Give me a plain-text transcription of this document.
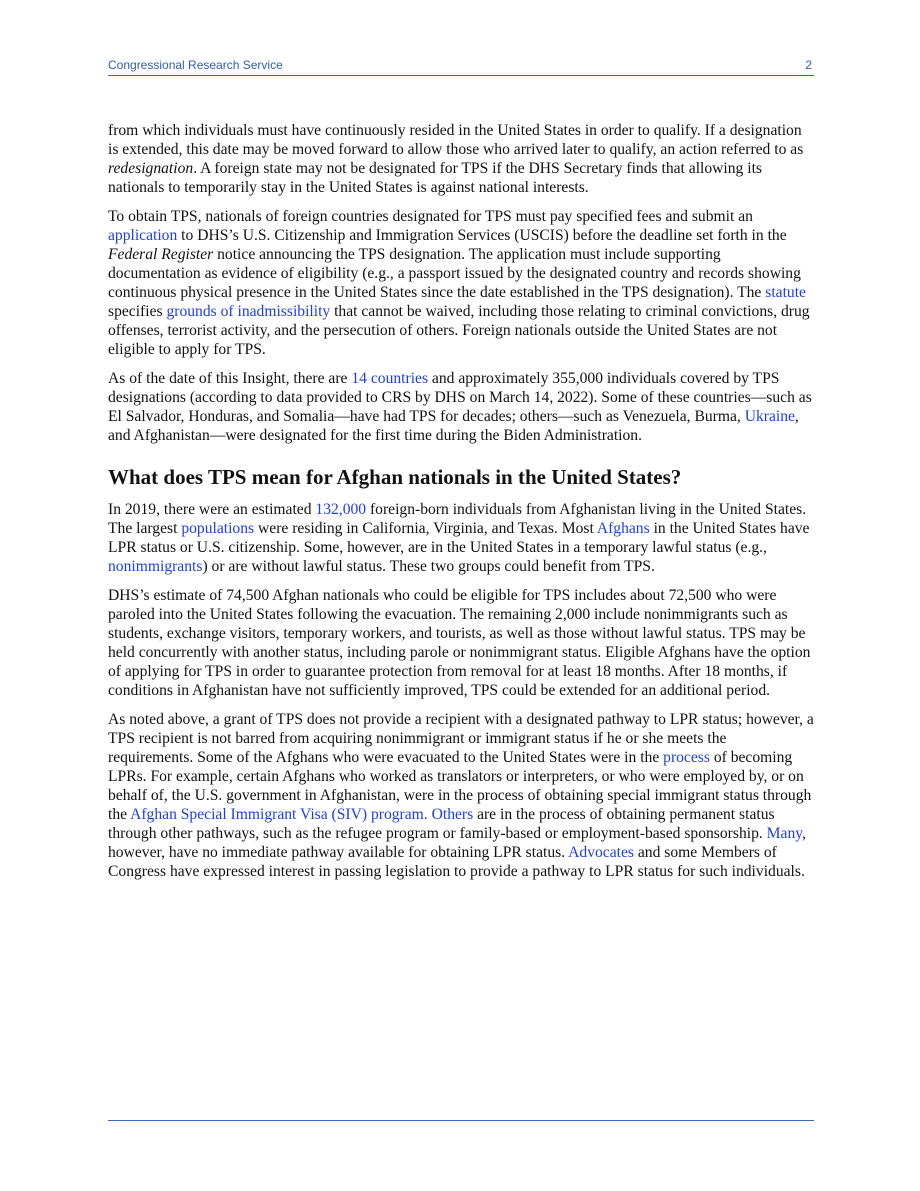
Congressional Research Service	2

from which individuals must have continuously resided in the United States in order to qualify. If a designation is extended, this date may be moved forward to allow those who arrived later to qualify, an action referred to as redesignation. A foreign state may not be designated for TPS if the DHS Secretary finds that allowing its nationals to temporarily stay in the United States is against national interests.

To obtain TPS, nationals of foreign countries designated for TPS must pay specified fees and submit an application to DHS’s U.S. Citizenship and Immigration Services (USCIS) before the deadline set forth in the Federal Register notice announcing the TPS designation. The application must include supporting documentation as evidence of eligibility (e.g., a passport issued by the designated country and records showing continuous physical presence in the United States since the date established in the TPS designation). The statute specifies grounds of inadmissibility that cannot be waived, including those relating to criminal convictions, drug offenses, terrorist activity, and the persecution of others. Foreign nationals outside the United States are not eligible to apply for TPS.

As of the date of this Insight, there are 14 countries and approximately 355,000 individuals covered by TPS designations (according to data provided to CRS by DHS on March 14, 2022). Some of these countries—such as El Salvador, Honduras, and Somalia—have had TPS for decades; others—such as Venezuela, Burma, Ukraine, and Afghanistan—were designated for the first time during the Biden Administration.

What does TPS mean for Afghan nationals in the United States?

In 2019, there were an estimated 132,000 foreign-born individuals from Afghanistan living in the United States. The largest populations were residing in California, Virginia, and Texas. Most Afghans in the United States have LPR status or U.S. citizenship. Some, however, are in the United States in a temporary lawful status (e.g., nonimmigrants) or are without lawful status. These two groups could benefit from TPS.

DHS’s estimate of 74,500 Afghan nationals who could be eligible for TPS includes about 72,500 who were paroled into the United States following the evacuation. The remaining 2,000 include nonimmigrants such as students, exchange visitors, temporary workers, and tourists, as well as those without lawful status. TPS may be held concurrently with another status, including parole or nonimmigrant status. Eligible Afghans have the option of applying for TPS in order to guarantee protection from removal for at least 18 months. After 18 months, if conditions in Afghanistan have not sufficiently improved, TPS could be extended for an additional period.

As noted above, a grant of TPS does not provide a recipient with a designated pathway to LPR status; however, a TPS recipient is not barred from acquiring nonimmigrant or immigrant status if he or she meets the requirements. Some of the Afghans who were evacuated to the United States were in the process of becoming LPRs. For example, certain Afghans who worked as translators or interpreters, or who were employed by, or on behalf of, the U.S. government in Afghanistan, were in the process of obtaining special immigrant status through the Afghan Special Immigrant Visa (SIV) program. Others are in the process of obtaining permanent status through other pathways, such as the refugee program or family-based or employment-based sponsorship. Many, however, have no immediate pathway available for obtaining LPR status. Advocates and some Members of Congress have expressed interest in passing legislation to provide a pathway to LPR status for such individuals.
